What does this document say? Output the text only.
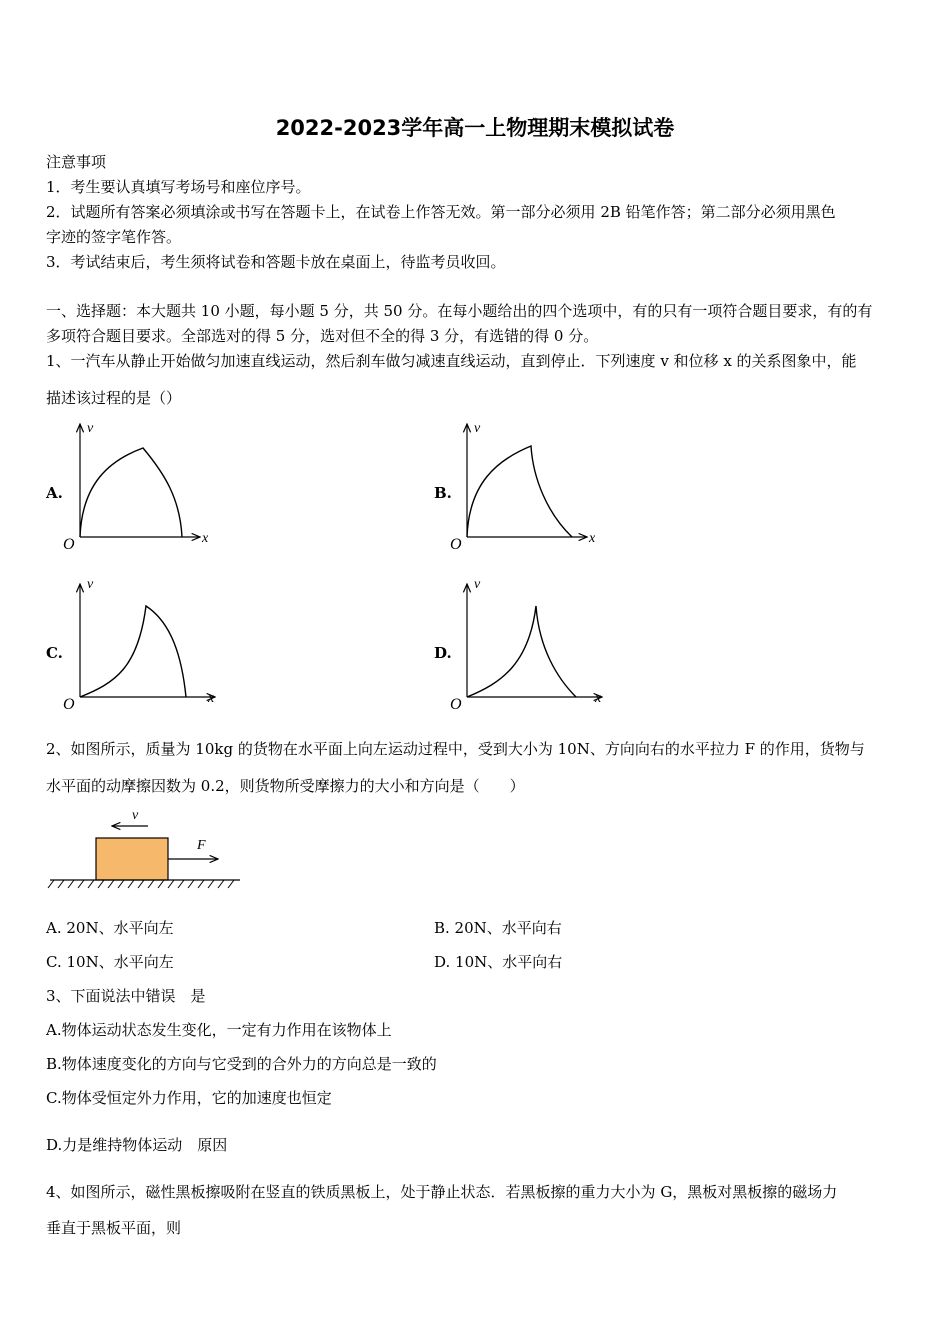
2022-2023学年高一上物理期末模拟试卷
注意事项
1．考生要认真填写考场号和座位序号。
2．试题所有答案必须填涂或书写在答题卡上，在试卷上作答无效。第一部分必须用 2B 铅笔作答；第二部分必须用黑色
字迹的签字笔作答。
3．考试结束后，考生须将试卷和答题卡放在桌面上，待监考员收回。
一、选择题：本大题共 10 小题，每小题 5 分，共 50 分。在每小题给出的四个选项中，有的只有一项符合题目要求，有的有
多项符合题目要求。全部选对的得 5 分，选对但不全的得 3 分，有选错的得 0 分。
1、一汽车从静止开始做匀加速直线运动，然后刹车做匀减速直线运动，直到停止．下列速度 v 和位移 x 的关系图象中，能
描述该过程的是（）
A.	B.
C.	D.
v
x
O
v
x
O
v
x
O
v
x
O
2、如图所示，质量为 10kg 的货物在水平面上向左运动过程中，受到大小为 10N、方向向右的水平拉力 F 的作用，货物与
水平面的动摩擦因数为 0.2，则货物所受摩擦力的大小和方向是（　　）
v
F
A. 20N、水平向左	B. 20N、水平向右
C. 10N、水平向左	D. 10N、水平向右
3、下面说法中错误　是
A.物体运动状态发生变化，一定有力作用在该物体上
B.物体速度变化的方向与它受到的合外力的方向总是一致的
C.物体受恒定外力作用，它的加速度也恒定
D.力是维持物体运动　原因
4、如图所示，磁性黑板擦吸附在竖直的铁质黑板上，处于静止状态．若黑板擦的重力大小为 G，黑板对黑板擦的磁场力
垂直于黑板平面，则
